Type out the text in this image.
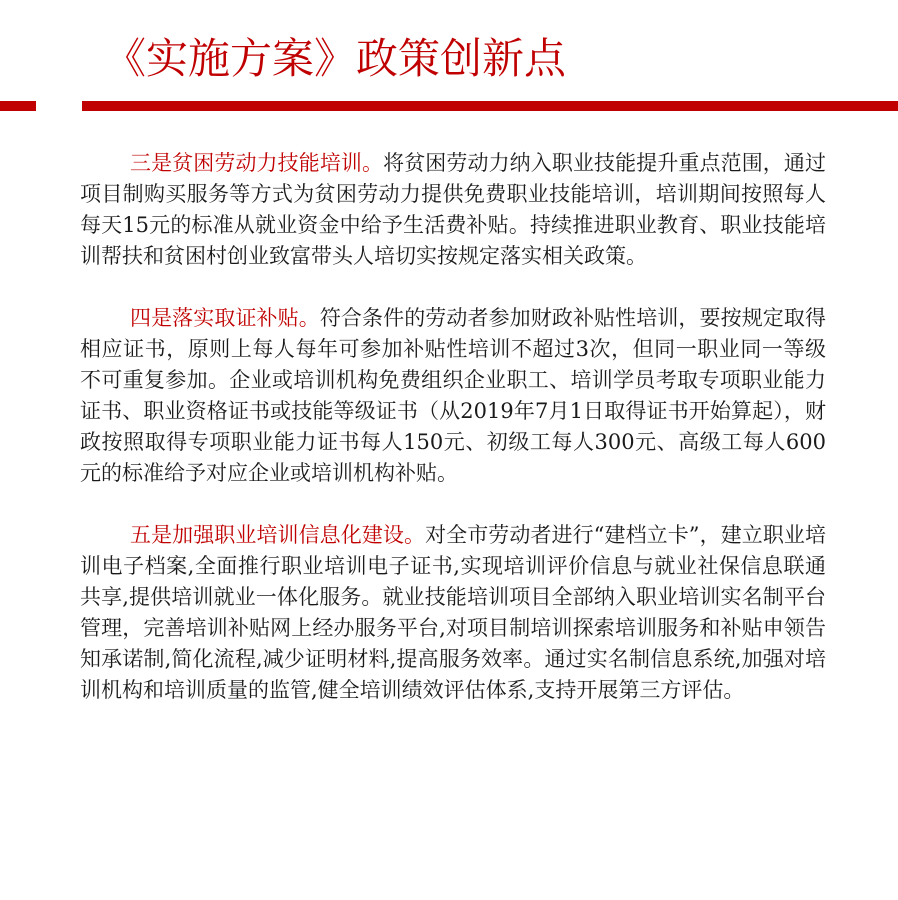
《实施方案》政策创新点

三是贫困劳动力技能培训。将贫困劳动力纳入职业技能提升重点范围，通过项目制购买服务等方式为贫困劳动力提供免费职业技能培训，培训期间按照每人每天15元的标准从就业资金中给予生活费补贴。持续推进职业教育、职业技能培训帮扶和贫困村创业致富带头人培切实按规定落实相关政策。

四是落实取证补贴。符合条件的劳动者参加财政补贴性培训，要按规定取得相应证书，原则上每人每年可参加补贴性培训不超过3次，但同一职业同一等级不可重复参加。企业或培训机构免费组织企业职工、培训学员考取专项职业能力证书、职业资格证书或技能等级证书（从2019年7月1日取得证书开始算起），财政按照取得专项职业能力证书每人150元、初级工每人300元、高级工每人600元的标准给予对应企业或培训机构补贴。

五是加强职业培训信息化建设。对全市劳动者进行“建档立卡”，建立职业培训电子档案,全面推行职业培训电子证书,实现培训评价信息与就业社保信息联通共享,提供培训就业一体化服务。就业技能培训项目全部纳入职业培训实名制平台管理，完善培训补贴网上经办服务平台,对项目制培训探索培训服务和补贴申领告知承诺制,简化流程,减少证明材料,提高服务效率。通过实名制信息系统,加强对培训机构和培训质量的监管,健全培训绩效评估体系,支持开展第三方评估。
